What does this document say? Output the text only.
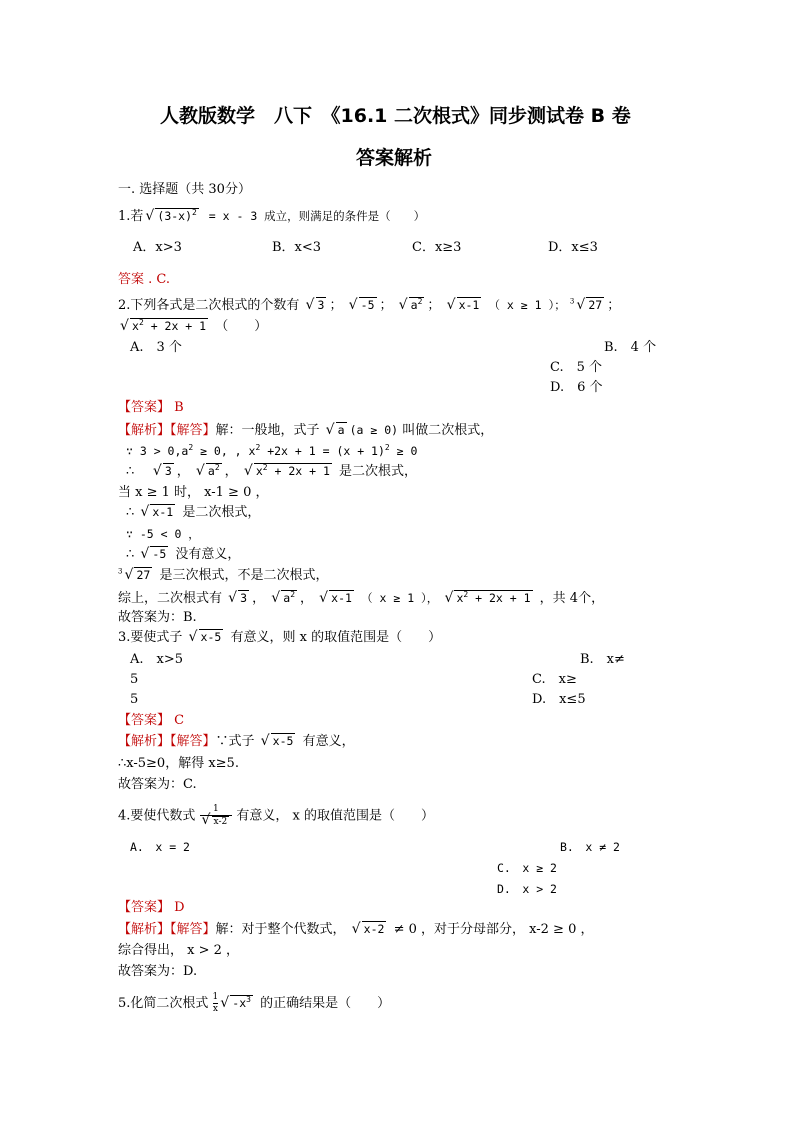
人教版数学　八下　《16.1 二次根式》同步测试卷 B 卷
答案解析
一. 选择题（共 30分）
1.若√ $(3-x)^2 = x - 3$ 成立，则满足的条件是（　　）
A．x>3	B．x<3	C．x≥3	D．x≤3
答案 . C.
2.下列各式是二次根式的个数有 √ 3 ； √ -5 ； √ $a^2$ ； √ x-1 （ x ≥ 1 ）； $^3$√ 27 ；
√ $x^2 + 2x + 1$ （　　）
A.　3 个	B.　4 个
C.　5 个
D.　6 个
【答案】 B
【解析】【解答】解：一般地，式子 √ a (a ≥ 0) 叫做二次根式，
∵ $3 > 0,a^2 \ge 0$, , $x^2 +2x + 1 = (x + 1)^2 \ge 0$
∴    √	3 ， √ $a^2$ ， √ $x^2 + 2x + 1$ 是二次根式，
当 x ≥ 1 时， x-1 ≥ 0 ，
∴ √ x-1 是二次根式，
∵ -5 < 0 ，
∴ √ -5 没有意义，
$^3$√ 27 是三次根式，不是二次根式，
综上，二次根式有 √ 3 ， √ $a^2$ ， √ x-1 （ x ≥ 1 ）， √ $x^2 + 2x + 1$ ，共 4个，
故答案为：B.
3.要使式子 √ x-5 有意义，则 x 的取值范围是（　　）
A.　x>5	B.　x≠
5	C.　x≥
5	D.　x≤5
【答案】 C
【解析】【解答】∵式子 √ x-5 有意义，
∴x-5≥0，解得 x≥5.
故答案为：C.
4.要使代数式 1
√ x-2 有意义， x 的取值范围是（　　）
A.　x = 2	B.　x ≠ 2
C.　x ≥ 2
D.　x > 2
【答案】 D
【解析】【解答】解：对于整个代数式， √ x-2 ≠ 0 ，对于分母部分， x-2 ≥ 0 ，
综合得出， x > 2 ，
故答案为：D.
5.化简二次根式 $\frac{1}{x}√$ $-x^3$ 的正确结果是（　　）
